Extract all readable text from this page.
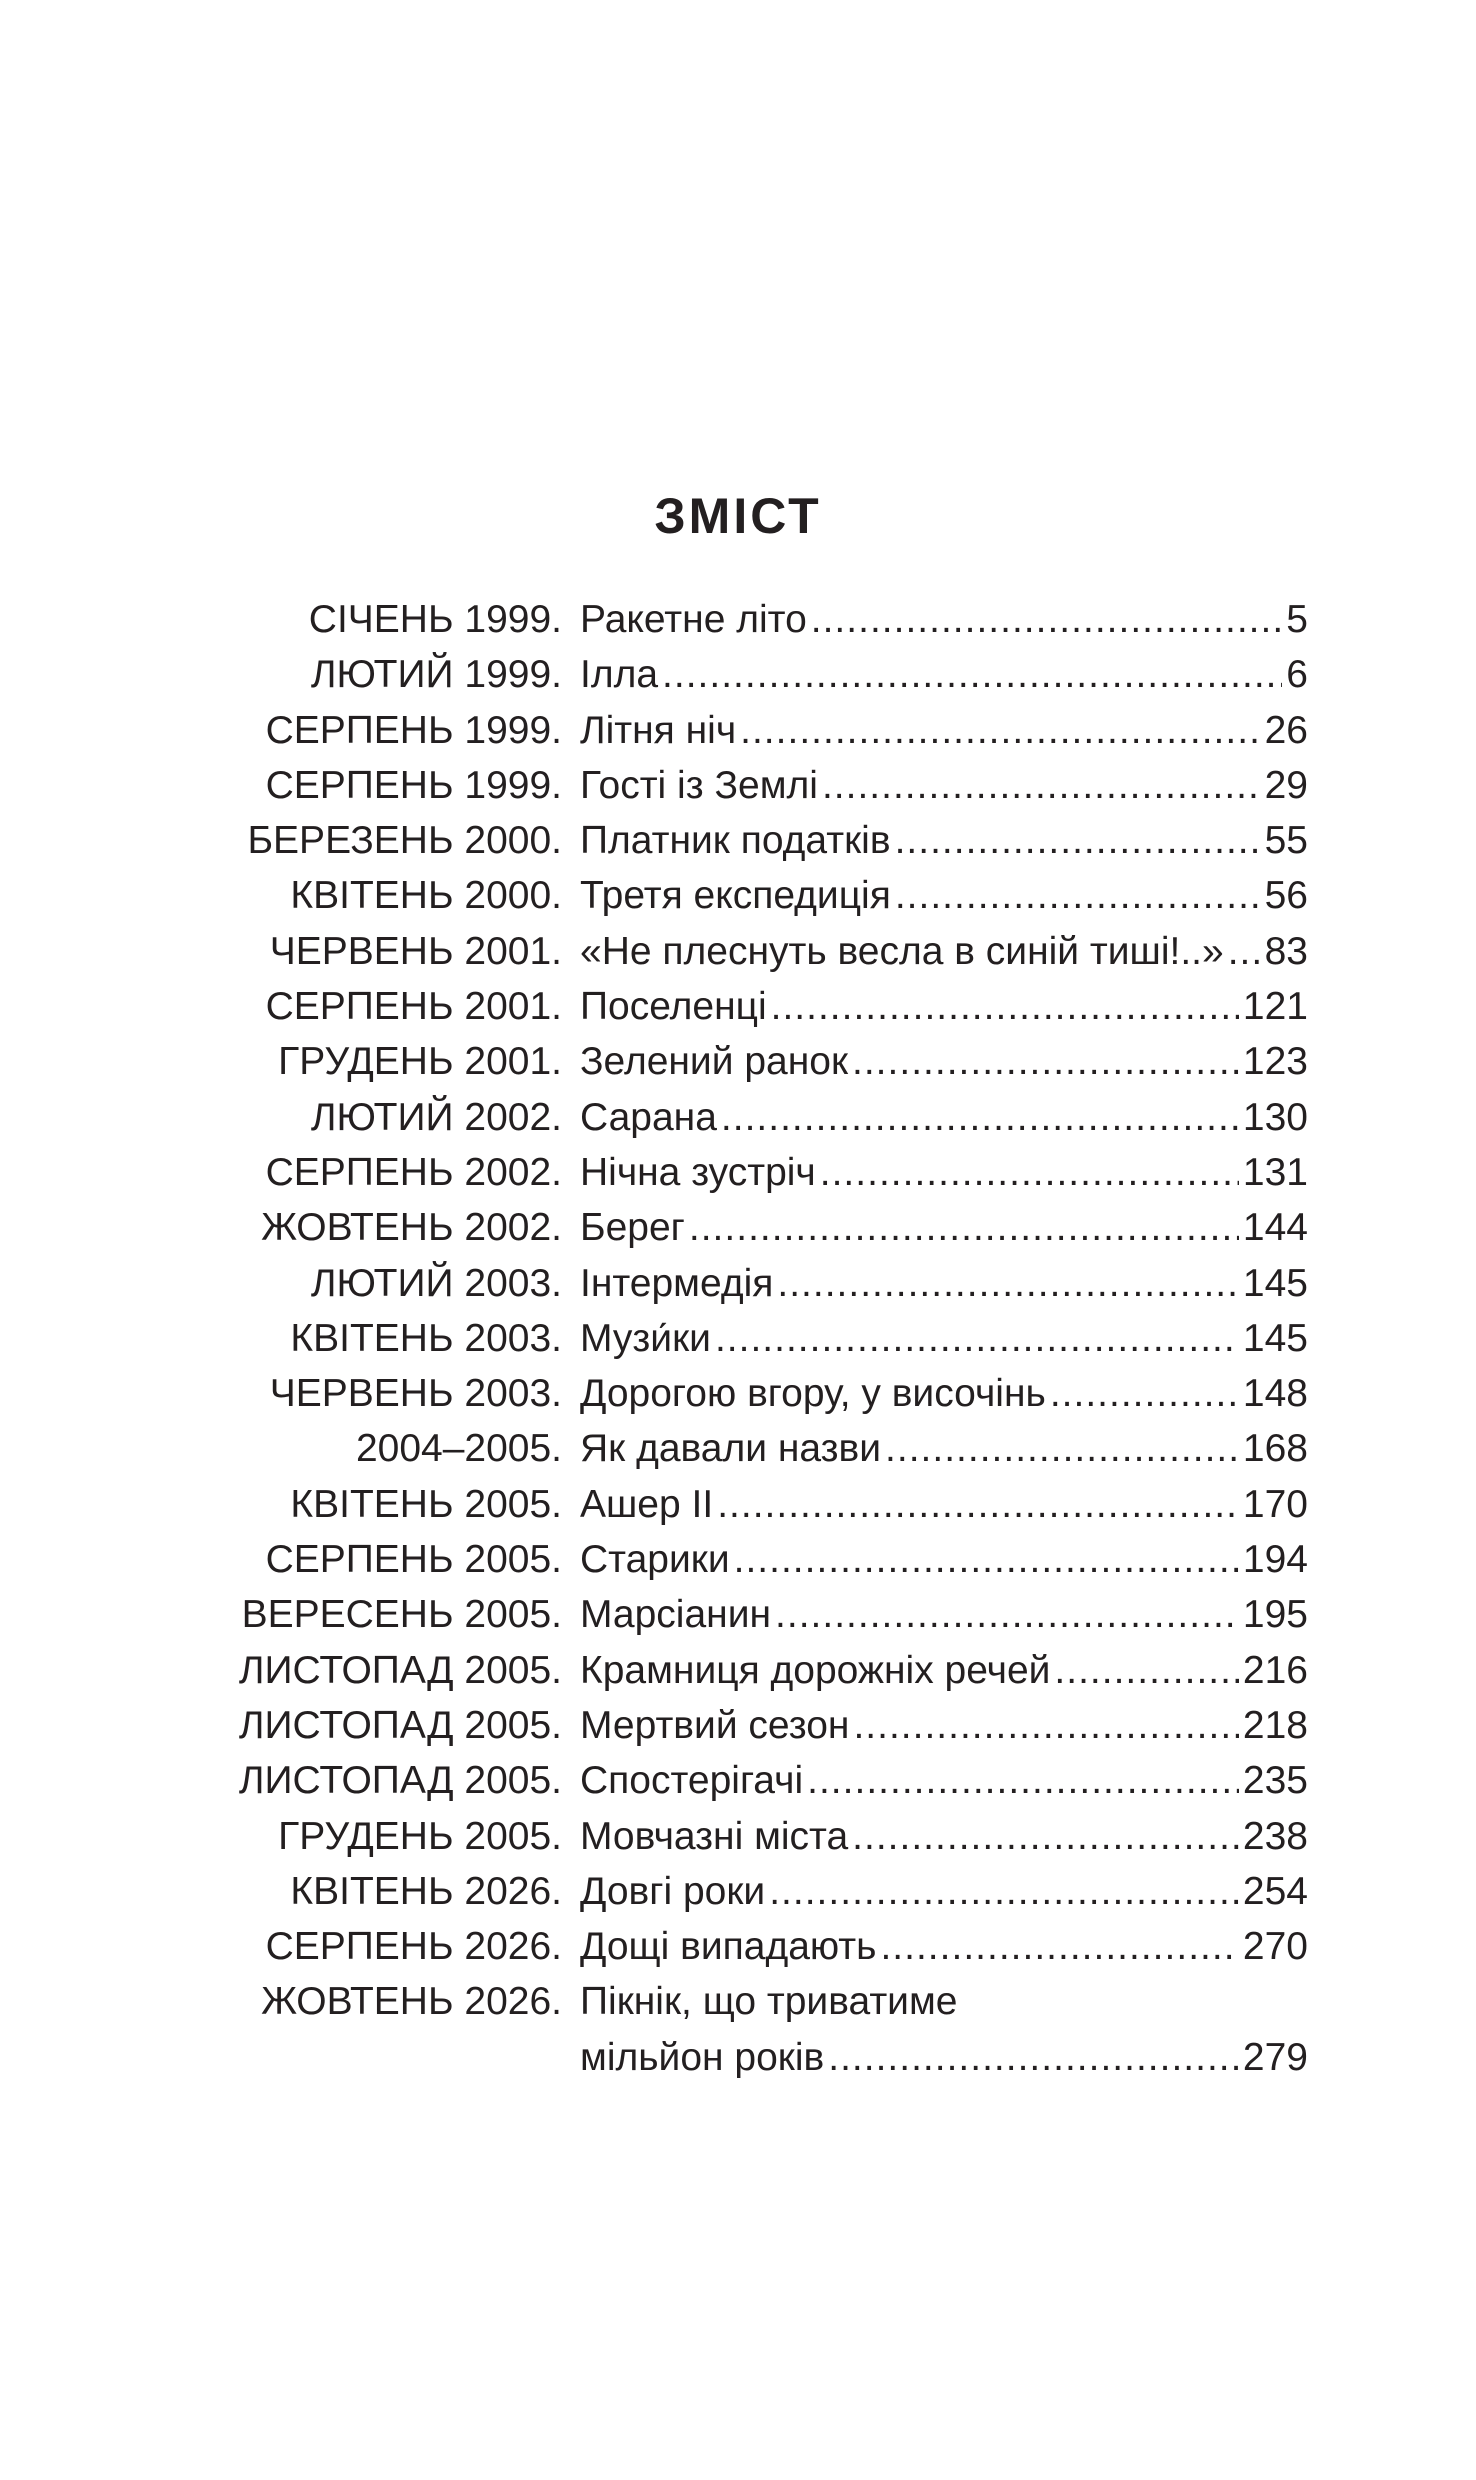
ЗМІСТ
СІЧЕНЬ 1999. Ракетне літо .....	5
ЛЮТИЙ 1999. Ілла .....	6
СЕРПЕНЬ 1999. Літня ніч .....	26
СЕРПЕНЬ 1999. Гості із Землі .....	29
БЕРЕЗЕНЬ 2000. Платник податків .....	55
КВІТЕНЬ 2000. Третя експедиція .....	56
ЧЕРВЕНЬ 2001. «Не плеснуть весла в синій тиші!..» ..... 83
СЕРПЕНЬ 2001. Поселенці .....	121
ГРУДЕНЬ 2001. Зелений ранок .....	123
ЛЮТИЙ 2002. Сарана .....	130
СЕРПЕНЬ 2002. Нічна зустріч .....	131
ЖОВТЕНЬ 2002. Берег .....	144
ЛЮТИЙ 2003. Інтермедія .....	145
КВІТЕНЬ 2003. Музи́ки .....	145
ЧЕРВЕНЬ 2003. Дорогою вгору, у височінь .....	148
2004–2005. Як давали назви .....	168
КВІТЕНЬ 2005. Ашер II .....	170
СЕРПЕНЬ 2005. Старики .....	194
ВЕРЕСЕНЬ 2005. Марсіанин .....	195
ЛИСТОПАД 2005. Крамниця дорожніх речей .....	216
ЛИСТОПАД 2005. Мертвий сезон .....	218
ЛИСТОПАД 2005. Спостерігачі .....	235
ГРУДЕНЬ 2005. Мовчазні міста .....	238
КВІТЕНЬ 2026. Довгі роки .....	254
СЕРПЕНЬ 2026. Дощі випадають .....	270
ЖОВТЕНЬ 2026. Пікнік, що триватиме
мільйон років .....	279
